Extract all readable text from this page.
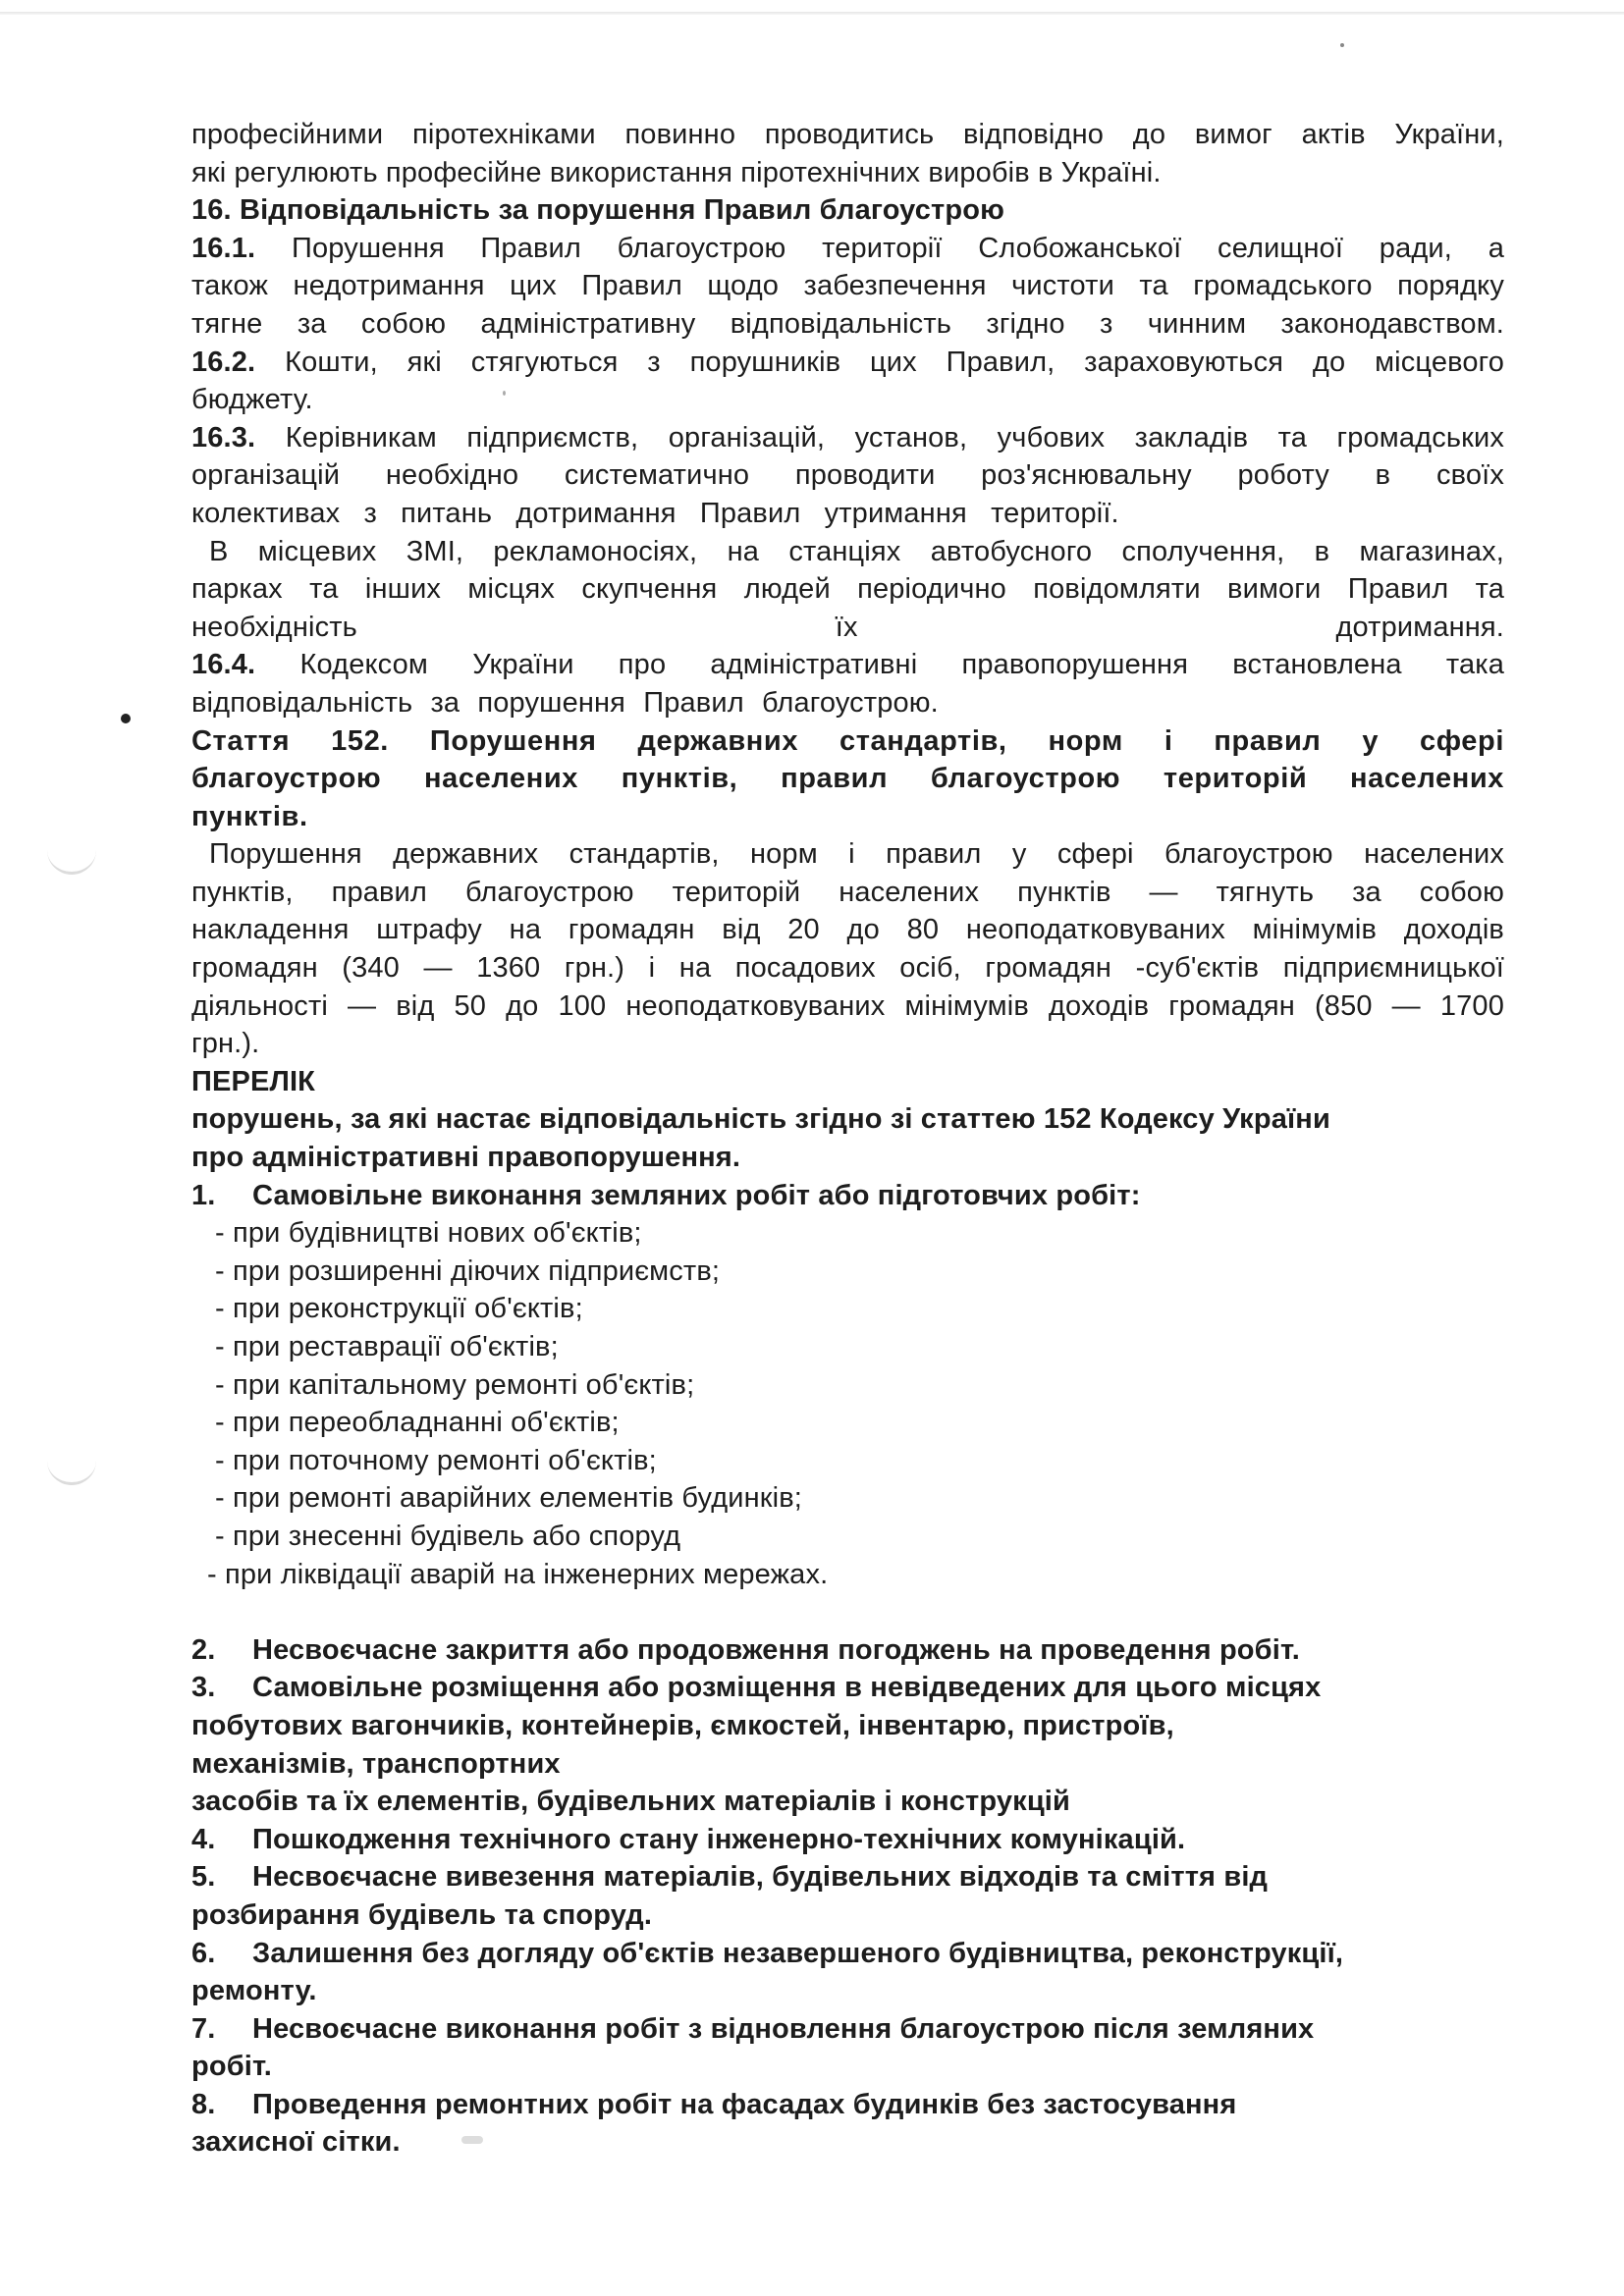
професійними піротехніками повинно проводитись відповідно до вимог актів України,

які регулюють професійне використання піротехнічних виробів в Україні.

16. Відповідальність за порушення Правил благоустрою

16.1. Порушення Правил благоустрою території Слобожанської селищної ради, а

також недотримання цих Правил щодо забезпечення чистоти та громадського порядку

тягне за собою адміністративну відповідальність згідно з чинним законодавством.

16.2. Кошти, які стягуються з порушників цих Правил, зараховуються до місцевого

бюджету.

16.3. Керівникам підприємств, організацій, установ, учбових закладів та громадських

організацій необхідно систематично проводити роз'яснювальну роботу в своїх

колективах з питань дотримання Правил утримання території.

В місцевих ЗМІ, рекламоносіях, на станціях автобусного сполучення, в магазинах,

парках та інших місцях скупчення людей періодично повідомляти вимоги Правил та

необхідність	їх	дотримання.

16.4. Кодексом України про адміністративні правопорушення встановлена така

відповідальність за порушення Правил благоустрою.

Стаття 152. Порушення державних стандартів, норм і правил у сфері

благоустрою населених пунктів, правил благоустрою територій населених

пунктів.

Порушення державних стандартів, норм і правил у сфері благоустрою населених

пунктів, правил благоустрою територій населених пунктів — тягнуть за собою

накладення штрафу на громадян від 20 до 80 неоподатковуваних мінімумів доходів

громадян (340 — 1360 грн.) і на посадових осіб, громадян -суб'єктів підприємницької

діяльності — від 50 до 100 неоподатковуваних мінімумів доходів громадян (850 — 1700

грн.).

ПЕРЕЛІК

порушень, за які настає відповідальність згідно зі статтею 152 Кодексу України

про адміністративні правопорушення.

1. Самовільне виконання земляних робіт або підготовчих робіт:

- при будівництві нових об'єктів;

- при розширенні діючих підприємств;

- при реконструкції об'єктів;

- при реставрації об'єктів;

- при капітальному ремонті об'єктів;

- при переобладнанні об'єктів;

- при поточному ремонті об'єктів;

- при ремонті аварійних елементів будинків;

- при знесенні будівель або споруд

- при ліквідації аварій на інженерних мережах.

2. Несвоєчасне закриття або продовження погоджень на проведення робіт.

3. Самовільне розміщення або розміщення в невідведених для цього місцях

побутових вагончиків, контейнерів, ємкостей, інвентарю, пристроїв,

механізмів, транспортних

засобів та їх елементів, будівельних матеріалів і конструкцій

4. Пошкодження технічного стану інженерно-технічних комунікацій.

5. Несвоєчасне вивезення матеріалів, будівельних відходів та сміття від

розбирання будівель та споруд.

6. Залишення без догляду об'єктів незавершеного будівництва, реконструкції,

ремонту.

7. Несвоєчасне виконання робіт з відновлення благоустрою після земляних

робіт.

8. Проведення ремонтних робіт на фасадах будинків без застосування

захисної сітки.
